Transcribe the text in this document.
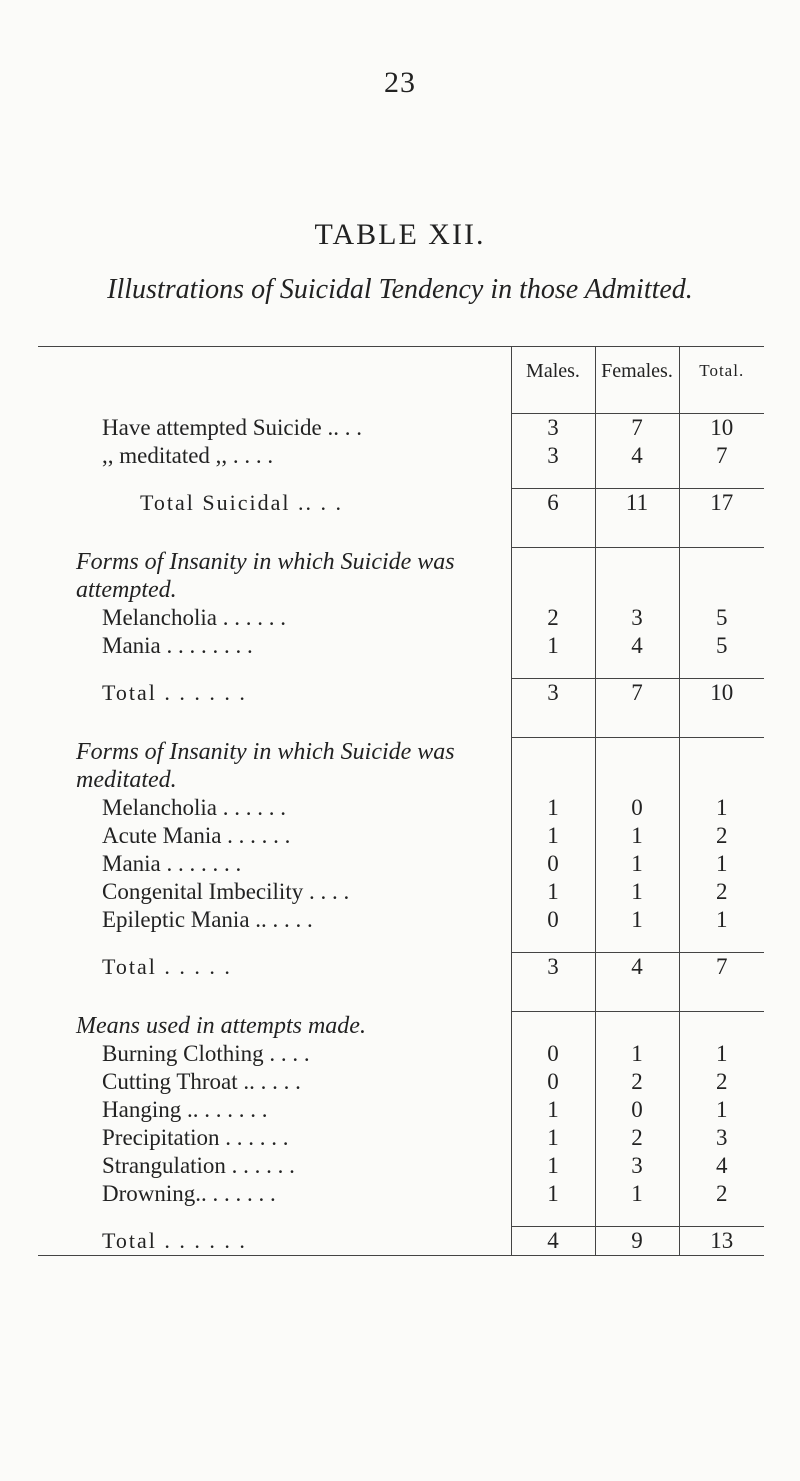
23
TABLE XII.
Illustrations of Suicidal Tendency in those Admitted.
	Males.	Females.	Total.

Have attempted Suicide .. . .	3	7	10
,, meditated ,, . . . .	3	4	7

Total Suicidal .. . .	6	11	17

Forms of Insanity in which Suicide was attempted.			

Melancholia . . . . . .	2	3	5
Mania . . . . . . . .	1	4	5

Total . . . . . .	3	7	10

Forms of Insanity in which Suicide was meditated.			

Melancholia . . . . . .	1	0	1
Acute Mania . . . . . .	1	1	2
Mania . . . . . . .	0	1	1
Congenital Imbecility . . . .	1	1	2
Epileptic Mania .. . . . .	0	1	1

Total . . . . .	3	4	7

Means used in attempts made.			
Burning Clothing . . . .	0	1	1
Cutting Throat .. . . . .	0	2	2
Hanging .. . . . . . .	1	0	1
Precipitation . . . . . .	1	2	3
Strangulation . . . . . .	1	3	4
Drowning.. . . . . . .	1	1	2

Total . . . . . .	4	9	13
